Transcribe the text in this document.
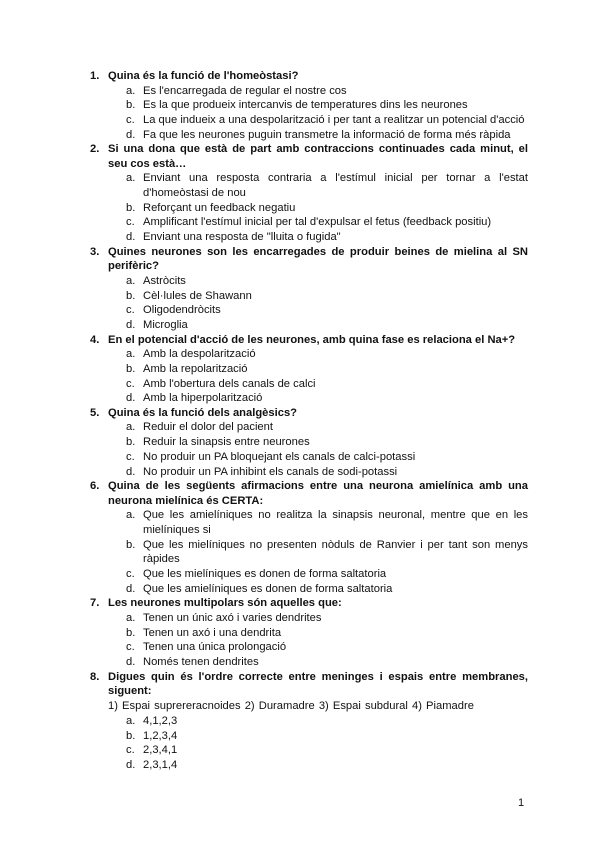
1. Quina és la funció de l'homeòstasi?
a. Es l'encarregada de regular el nostre cos
b. Es la que produeix intercanvis de temperatures dins les neurones
c. La que indueix a una despolarització i per tant a realitzar un potencial d'acció
d. Fa que les neurones puguin transmetre la informació de forma més ràpida
2. Si una dona que està de part amb contraccions continuades cada minut, el seu cos està…
a. Enviant una resposta contraria a l'estímul inicial per tornar a l'estat d'homeòstasi de nou
b. Reforçant un feedback negatiu
c. Amplificant l'estímul inicial per tal d'expulsar el fetus (feedback positiu)
d. Enviant una resposta de "lluita o fugida"
3. Quines neurones son les encarregades de produir beines de mielina al SN perifèric?
a. Astròcits
b. Cèl·lules de Shawann
c. Oligodendròcits
d. Microglia
4. En el potencial d'acció de les neurones, amb quina fase es relaciona el Na+?
a. Amb la despolarització
b. Amb la repolarització
c. Amb l'obertura dels canals de calci
d. Amb la hiperpolarització
5. Quina és la funció dels analgèsics?
a. Reduir el dolor del pacient
b. Reduir la sinapsis entre neurones
c. No produir un PA bloquejant els canals de calci-potassi
d. No produir un PA inhibint els canals de sodi-potassi
6. Quina de les següents afirmacions entre una neurona amielínica amb una neurona mielínica és CERTA:
a. Que les amielíniques no realitza la sinapsis neuronal, mentre que en les mielíniques si
b. Que les mielíniques no presenten nòduls de Ranvier i per tant son menys ràpides
c. Que les mielíniques es donen de forma saltatoria
d. Que les amielíniques es donen de forma saltatoria
7. Les neurones multipolars són aquelles que:
a. Tenen un únic axó i varies dendrites
b. Tenen un axó i una dendrita
c. Tenen una única prolongació
d. Només tenen dendrites
8. Digues quin és l'ordre correcte entre meninges i espais entre membranes, siguent:
1) Espai suprereracnoides 2) Duramadre 3) Espai subdural 4) Piamadre
a. 4,1,2,3
b. 1,2,3,4
c. 2,3,4,1
d. 2,3,1,4
1
